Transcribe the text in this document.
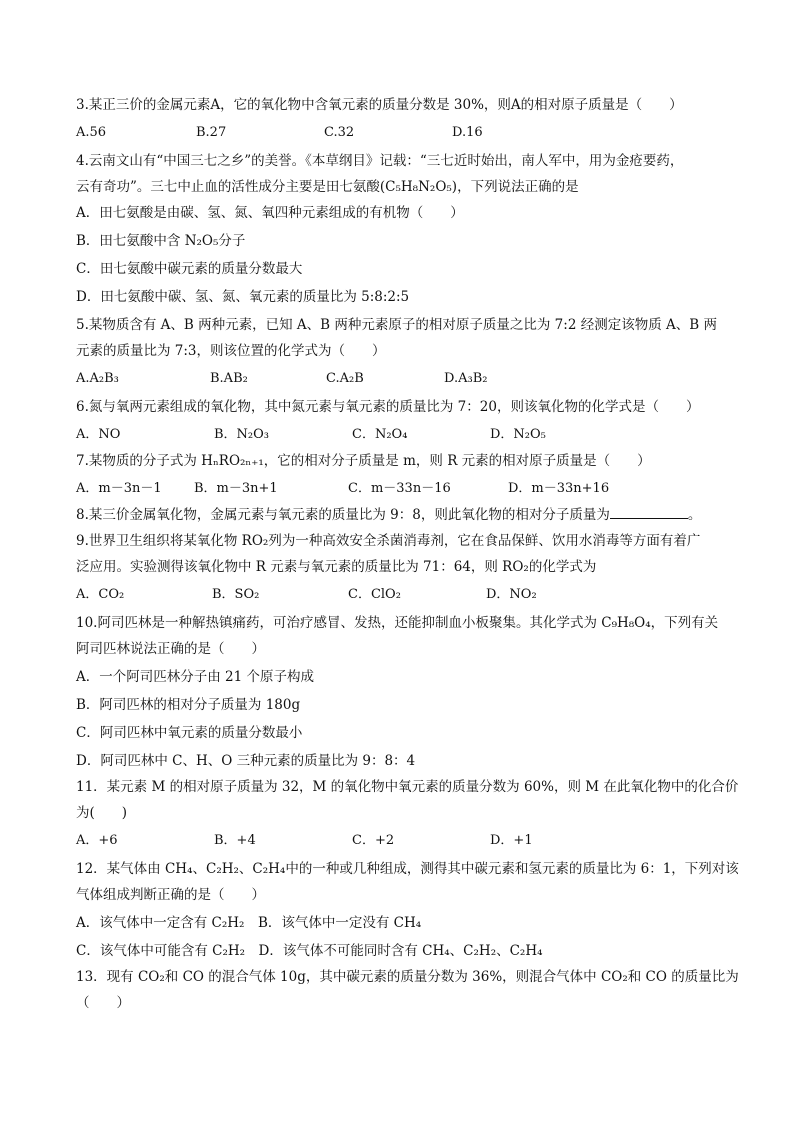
3.某正三价的金属元素A，它的氧化物中含氧元素的质量分数是 30%，则A的相对原子质量是（　　）
A.56	B.27	C.32	D.16
4.云南文山有“中国三七之乡”的美誉。《本草纲目》记载：“三七近时始出，南人军中，用为金疮要药，
云有奇功”。三七中止血的活性成分主要是田七氨酸(C₅H₈N₂O₅)，下列说法正确的是
A．田七氨酸是由碳、氢、氮、氧四种元素组成的有机物（　　）
B．田七氨酸中含 N₂O₅分子
C．田七氨酸中碳元素的质量分数最大
D．田七氨酸中碳、氢、氮、氧元素的质量比为 5:8:2:5
5.某物质含有 A、B 两种元素，已知 A、B 两种元素原子的相对原子质量之比为 7:2 经测定该物质 A、B 两
元素的质量比为 7:3，则该位置的化学式为（　　）
A.A₂B₃	B.AB₂	C.A₂B	D.A₃B₂
6.氮与氧两元素组成的氧化物，其中氮元素与氧元素的质量比为 7：20，则该氧化物的化学式是（　　）
A．NO	B．N₂O₃	C．N₂O₄	D．N₂O₅
7.某物质的分子式为 HₙRO₂ₙ₊₁，它的相对分子质量是 m，则 R 元素的相对原子质量是（　　）
A．m－3n－1 B．m－3n+1	C．m－33n－16	D．m－33n+16
8.某三价金属氧化物，金属元素与氧元素的质量比为 9：8，则此氧化物的相对分子质量为	。
9.世界卫生组织将某氧化物 RO₂列为一种高效安全杀菌消毒剂，它在食品保鲜、饮用水消毒等方面有着广
泛应用。实验测得该氧化物中 R 元素与氧元素的质量比为 71：64，则 RO₂的化学式为
A．CO₂	B．SO₂	C．ClO₂	D．NO₂
10.阿司匹林是一种解热镇痛药，可治疗感冒、发热，还能抑制血小板聚集。其化学式为 C₉H₈O₄，下列有关
阿司匹林说法正确的是（　　）
A．一个阿司匹林分子由 21 个原子构成
B．阿司匹林的相对分子质量为 180g
C．阿司匹林中氧元素的质量分数最小
D．阿司匹林中 C、H、O 三种元素的质量比为 9：8：4
11．某元素 M 的相对原子质量为 32，M 的氧化物中氧元素的质量分数为 60%，则 M 在此氧化物中的化合价
为(　　)
A．+6	B．+4	C．+2	D．+1
12．某气体由 CH₄、C₂H₂、C₂H₄中的一种或几种组成，测得其中碳元素和氢元素的质量比为 6：1，下列对该
气体组成判断正确的是（　　）
A．该气体中一定含有 C₂H₂　B．该气体中一定没有 CH₄
C．该气体中可能含有 C₂H₂　D．该气体不可能同时含有 CH₄、C₂H₂、C₂H₄
13．现有 CO₂和 CO 的混合气体 10g，其中碳元素的质量分数为 36%，则混合气体中 CO₂和 CO 的质量比为
（　　）
